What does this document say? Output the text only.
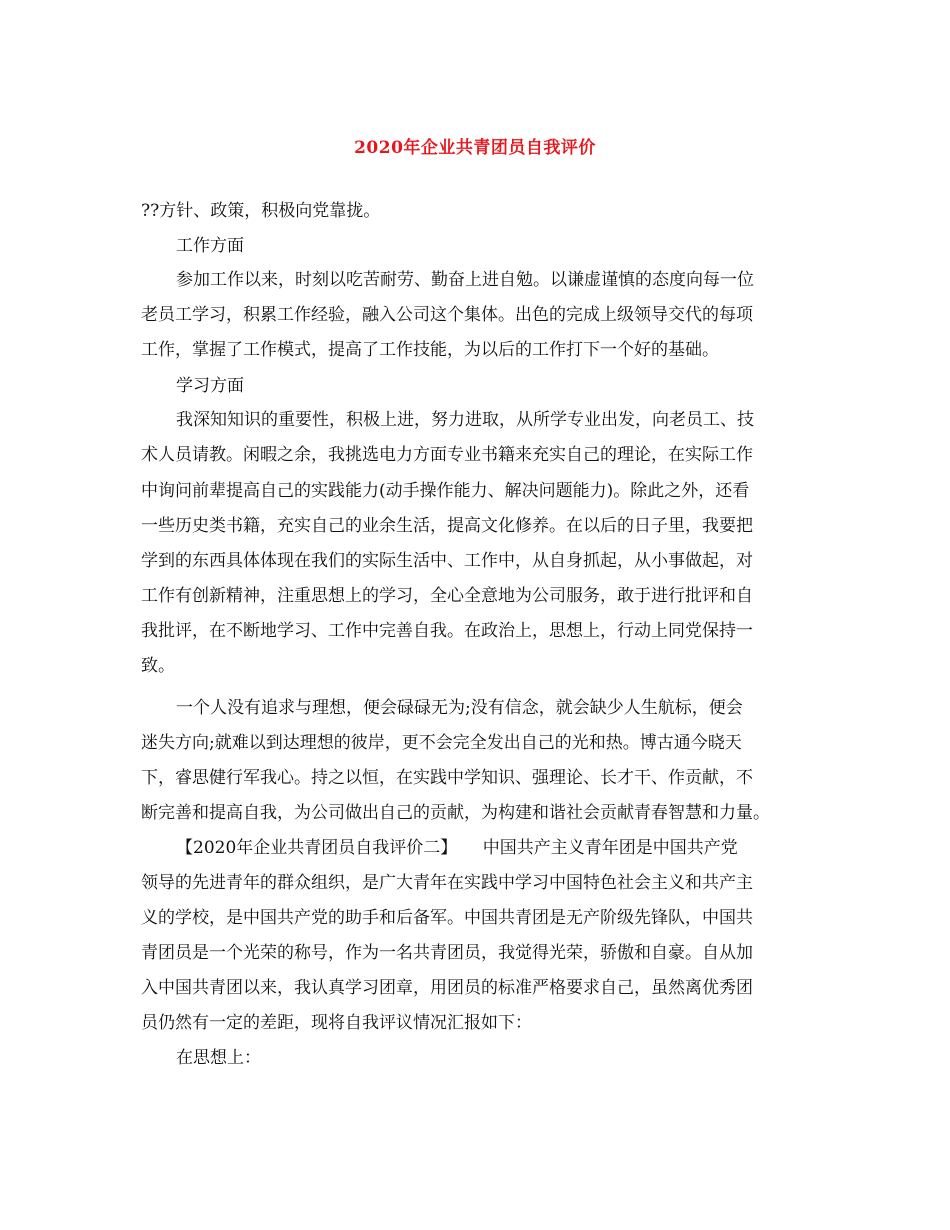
2020年企业共青团员自我评价
??方针、政策，积极向党靠拢。
工作方面
参加工作以来，时刻以吃苦耐劳、勤奋上进自勉。以谦虚谨慎的态度向每一位
老员工学习，积累工作经验，融入公司这个集体。出色的完成上级领导交代的每项
工作，掌握了工作模式，提高了工作技能，为以后的工作打下一个好的基础。
学习方面
我深知知识的重要性，积极上进，努力进取，从所学专业出发，向老员工、技
术人员请教。闲暇之余，我挑选电力方面专业书籍来充实自己的理论，在实际工作
中询问前辈提高自己的实践能力(动手操作能力、解决问题能力)。除此之外，还看
一些历史类书籍，充实自己的业余生活，提高文化修养。在以后的日子里，我要把
学到的东西具体体现在我们的实际生活中、工作中，从自身抓起，从小事做起，对
工作有创新精神，注重思想上的学习，全心全意地为公司服务，敢于进行批评和自
我批评，在不断地学习、工作中完善自我。在政治上，思想上，行动上同党保持一
致。
一个人没有追求与理想，便会碌碌无为;没有信念，就会缺少人生航标，便会
迷失方向;就难以到达理想的彼岸，更不会完全发出自己的光和热。博古通今晓天
下，睿思健行军我心。持之以恒，在实践中学知识、强理论、长才干、作贡献，不
断完善和提高自我，为公司做出自己的贡献，为构建和谐社会贡献青春智慧和力量。
【2020年企业共青团员自我评价二】　　中国共产主义青年团是中国共产党
领导的先进青年的群众组织，是广大青年在实践中学习中国特色社会主义和共产主
义的学校，是中国共产党的助手和后备军。中国共青团是无产阶级先锋队，中国共
青团员是一个光荣的称号，作为一名共青团员，我觉得光荣，骄傲和自豪。自从加
入中国共青团以来，我认真学习团章，用团员的标准严格要求自己，虽然离优秀团
员仍然有一定的差距，现将自我评议情况汇报如下：
在思想上：
